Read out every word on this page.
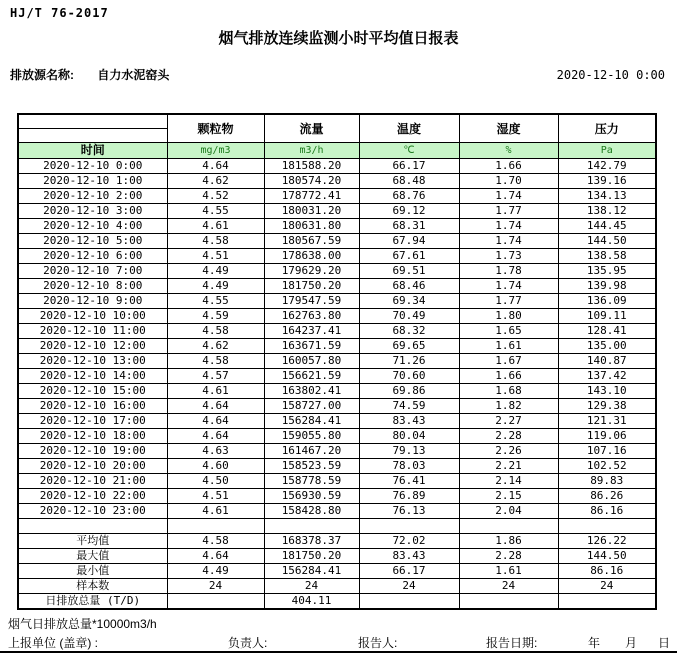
HJ/T 76-2017
烟气排放连续监测小时平均值日报表
排放源名称: 自力水泥窑头	2020-12-10 0:00
	颗粒物	流量	温度	湿度	压力

时间	mg/m3	m3/h	℃	%	Pa
2020-12-10 0:00	4.64	181588.20	66.17	1.66	142.79
2020-12-10 1:00	4.62	180574.20	68.48	1.70	139.16
2020-12-10 2:00	4.52	178772.41	68.76	1.74	134.13
2020-12-10 3:00	4.55	180031.20	69.12	1.77	138.12
2020-12-10 4:00	4.61	180631.80	68.31	1.74	144.45
2020-12-10 5:00	4.58	180567.59	67.94	1.74	144.50
2020-12-10 6:00	4.51	178638.00	67.61	1.73	138.58
2020-12-10 7:00	4.49	179629.20	69.51	1.78	135.95
2020-12-10 8:00	4.49	181750.20	68.46	1.74	139.98
2020-12-10 9:00	4.55	179547.59	69.34	1.77	136.09
2020-12-10 10:00	4.59	162763.80	70.49	1.80	109.11
2020-12-10 11:00	4.58	164237.41	68.32	1.65	128.41
2020-12-10 12:00	4.62	163671.59	69.65	1.61	135.00
2020-12-10 13:00	4.58	160057.80	71.26	1.67	140.87
2020-12-10 14:00	4.57	156621.59	70.60	1.66	137.42
2020-12-10 15:00	4.61	163802.41	69.86	1.68	143.10
2020-12-10 16:00	4.64	158727.00	74.59	1.82	129.38
2020-12-10 17:00	4.64	156284.41	83.43	2.27	121.31
2020-12-10 18:00	4.64	159055.80	80.04	2.28	119.06
2020-12-10 19:00	4.63	161467.20	79.13	2.26	107.16
2020-12-10 20:00	4.60	158523.59	78.03	2.21	102.52
2020-12-10 21:00	4.50	158778.59	76.41	2.14	89.83
2020-12-10 22:00	4.51	156930.59	76.89	2.15	86.26
2020-12-10 23:00	4.61	158428.80	76.13	2.04	86.16

平均值	4.58	168378.37	72.02	1.86	126.22
最大值	4.64	181750.20	83.43	2.28	144.50
最小值	4.49	156284.41	66.17	1.61	86.16
样本数	24	24	24	24	24
日排放总量 (T/D)		404.11			
烟气日排放总量*10000m3/h
上报单位 (盖章) :	负责人:	报告人:	报告日期:	年 月 日
